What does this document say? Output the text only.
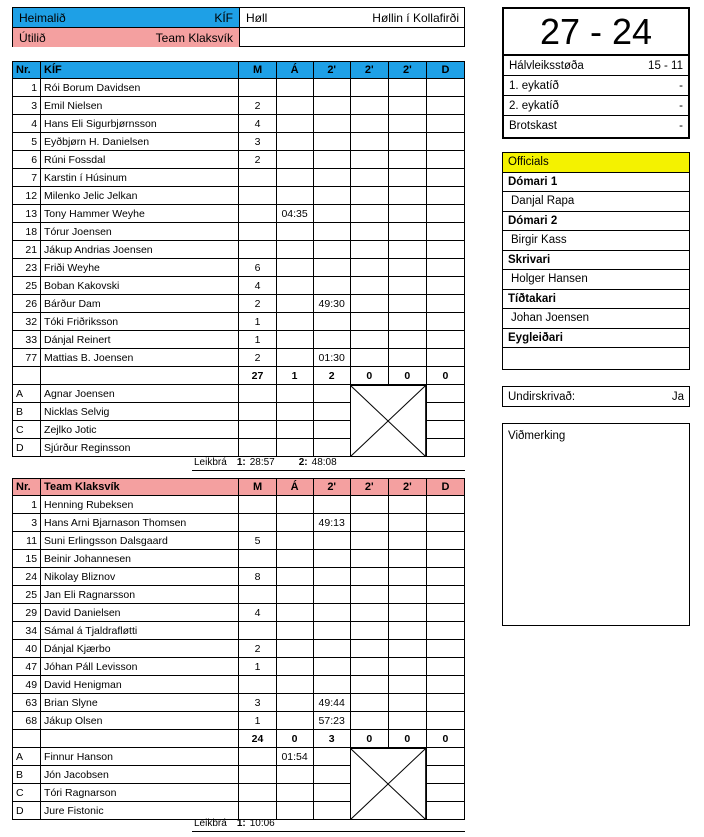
Heimalið	KÍF Høll	Høllin í Kollafirði
Útilið	Team Klaksvík	27 - 24
Hálvleiksstøða	15 - 11
1. eykatíð	-
2. eykatíð	-
Brotskast	-
Nr.	KÍF	M	Á	2'	2'	2'	D
1	Rói Borum Davidsen						
3	Emil Nielsen	2					
4	Hans Eli Sigurbjørnsson	4					
5	Eyðbjørn H. Danielsen	3					
6	Rúni Fossdal	2					
7	Karstin í Húsinum						
12	Milenko Jelic Jelkan						
13	Tony Hammer Weyhe		04:35				
18	Tórur Joensen						
21	Jákup Andrias Joensen						
23	Friði Weyhe	6					
25	Boban Kakovski	4					
26	Bárður Dam	2		49:30			
32	Tóki Friðriksson	1					
33	Dánjal Reinert	1					
77	Mattias B. Joensen	2		01:30			
		27	1	2	0	0	0
A	Agnar Joensen						
B	Nicklas Selvig						
C	Zejlko Jotic						
D	Sjúrður Reginsson						
Leikbrá 1: 28:57 2: 48:08
Nr.	Team Klaksvík	M	Á	2'	2'	2'	D
1	Henning Rubeksen						
3	Hans Arni Bjarnason Thomsen			49:13			
11	Suni Erlingsson Dalsgaard	5					
15	Beinir Johannesen						
24	Nikolay Bliznov	8					
25	Jan Eli Ragnarsson						
29	David Danielsen	4					
34	Sámal á Tjaldrafløtti						
40	Dánjal Kjærbo	2					
47	Jóhan Páll Levisson	1					
49	David Henigman						
63	Brian Slyne	3		49:44			
68	Jákup Olsen	1		57:23			
		24	0	3	0	0	0
A	Finnur Hanson		01:54				
B	Jón Jacobsen						
C	Tóri Ragnarson						
D	Jure Fistonic						
Leikbrá 1: 10:06
Officials
Dómari 1
Danjal Rapa
Dómari 2
Birgir Kass
Skrivari
Holger Hansen
Tíðtakari
Johan Joensen
Eygleiðari
Undirskrivað:	Ja
Viðmerking
